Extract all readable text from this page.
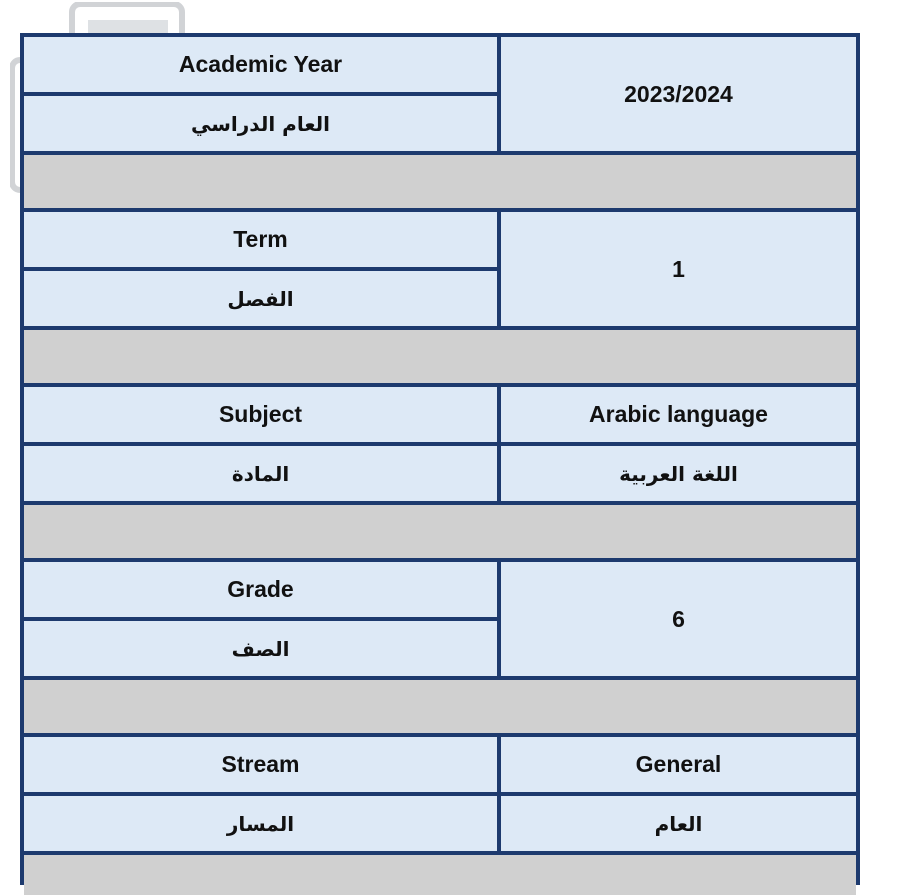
Academic Year
العام الدراسي
2023/2024
Term
الفصل
1
Subject
المادة
Arabic language
اللغة العربية
Grade
الصف
6
Stream
المسار
General
العام
